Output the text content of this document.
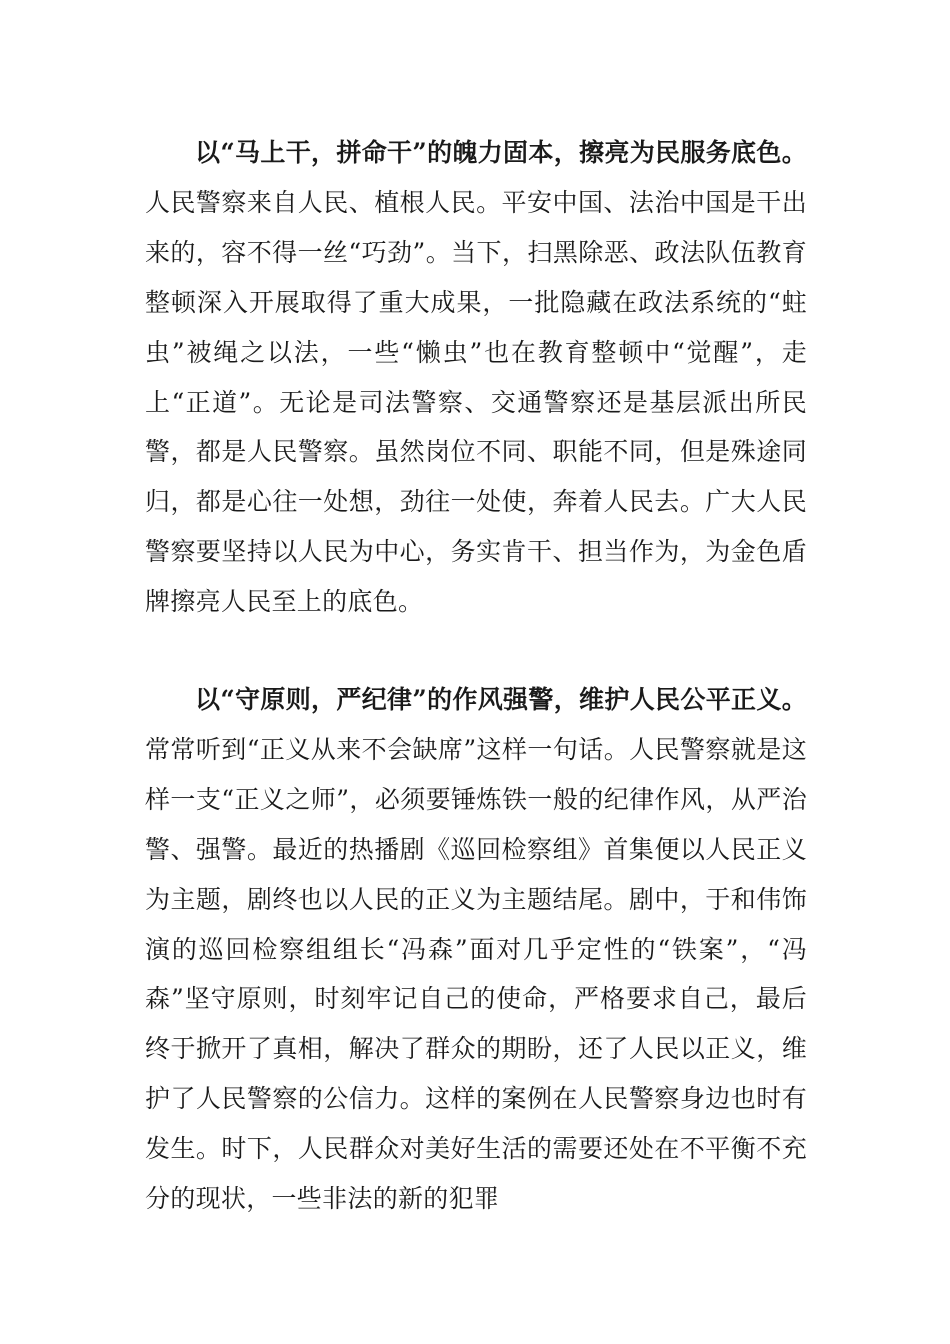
以“马上干，拼命干”的魄力固本，擦亮为民服务底色。人民警察来自人民、植根人民。平安中国、法治中国是干出来的，容不得一丝“巧劲”。当下，扫黑除恶、政法队伍教育整顿深入开展取得了重大成果，一批隐藏在政法系统的“蛀虫”被绳之以法，一些“懒虫”也在教育整顿中“觉醒”，走上“正道”。无论是司法警察、交通警察还是基层派出所民警，都是人民警察。虽然岗位不同、职能不同，但是殊途同归，都是心往一处想，劲往一处使，奔着人民去。广大人民警察要坚持以人民为中心，务实肯干、担当作为，为金色盾牌擦亮人民至上的底色。

以“守原则，严纪律”的作风强警，维护人民公平正义。常常听到“正义从来不会缺席”这样一句话。人民警察就是这样一支“正义之师”，必须要锤炼铁一般的纪律作风，从严治警、强警。最近的热播剧《巡回检察组》首集便以人民正义为主题，剧终也以人民的正义为主题结尾。剧中，于和伟饰演的巡回检察组组长“冯森”面对几乎定性的“铁案”，“冯森”坚守原则，时刻牢记自己的使命，严格要求自己，最后终于掀开了真相，解决了群众的期盼，还了人民以正义，维护了人民警察的公信力。这样的案例在人民警察身边也时有发生。时下，人民群众对美好生活的需要还处在不平衡不充分的现状，一些非法的新的犯罪
